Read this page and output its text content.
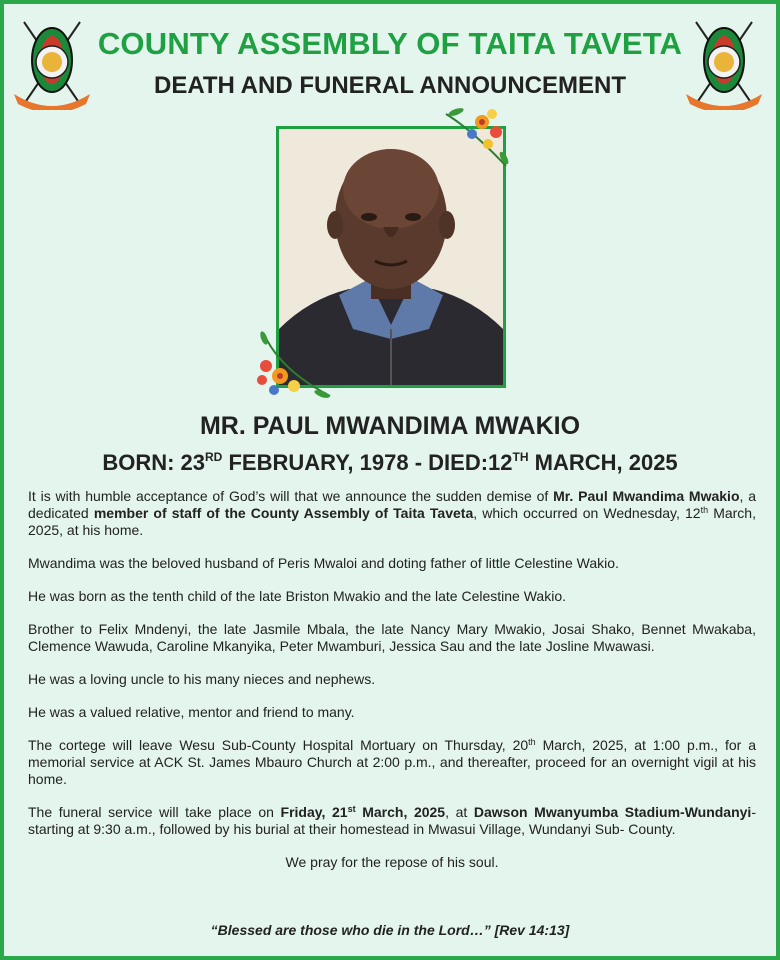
COUNTY ASSEMBLY OF TAITA TAVETA
DEATH AND FUNERAL ANNOUNCEMENT
MR. PAUL MWANDIMA MWAKIO
BORN: 23RD FEBRUARY, 1978 - DIED:12TH MARCH, 2025

It is with humble acceptance of God’s will that we announce the sudden demise of Mr. Paul Mwandima Mwakio, a dedicated member of staff of the County Assembly of Taita Taveta, which occurred on Wednesday, 12th March, 2025, at his home.

Mwandima was the beloved husband of Peris Mwaloi and doting father of little Celestine Wakio.

He was born as the tenth child of the late Briston Mwakio and the late Celestine Wakio.

Brother to Felix Mndenyi, the late Jasmile Mbala, the late Nancy Mary Mwakio, Josai Shako, Bennet Mwakaba, Clemence Wawuda, Caroline Mkanyika, Peter Mwamburi, Jessica Sau and the late Josline Mwawasi.

He was a loving uncle to his many nieces and nephews.

He was a valued relative, mentor and friend to many.

The cortege will leave Wesu Sub-County Hospital Mortuary on Thursday, 20th March, 2025, at 1:00 p.m., for a memorial service at ACK St. James Mbauro Church at 2:00 p.m., and thereafter, proceed for an overnight vigil at his home.

The funeral service will take place on Friday, 21st March, 2025, at Dawson Mwanyumba Stadium-Wundanyi- starting at 9:30 a.m., followed by his burial at their homestead in Mwasui Village, Wundanyi Sub- County.

We pray for the repose of his soul.

“Blessed are those who die in the Lord…” [Rev 14:13]
